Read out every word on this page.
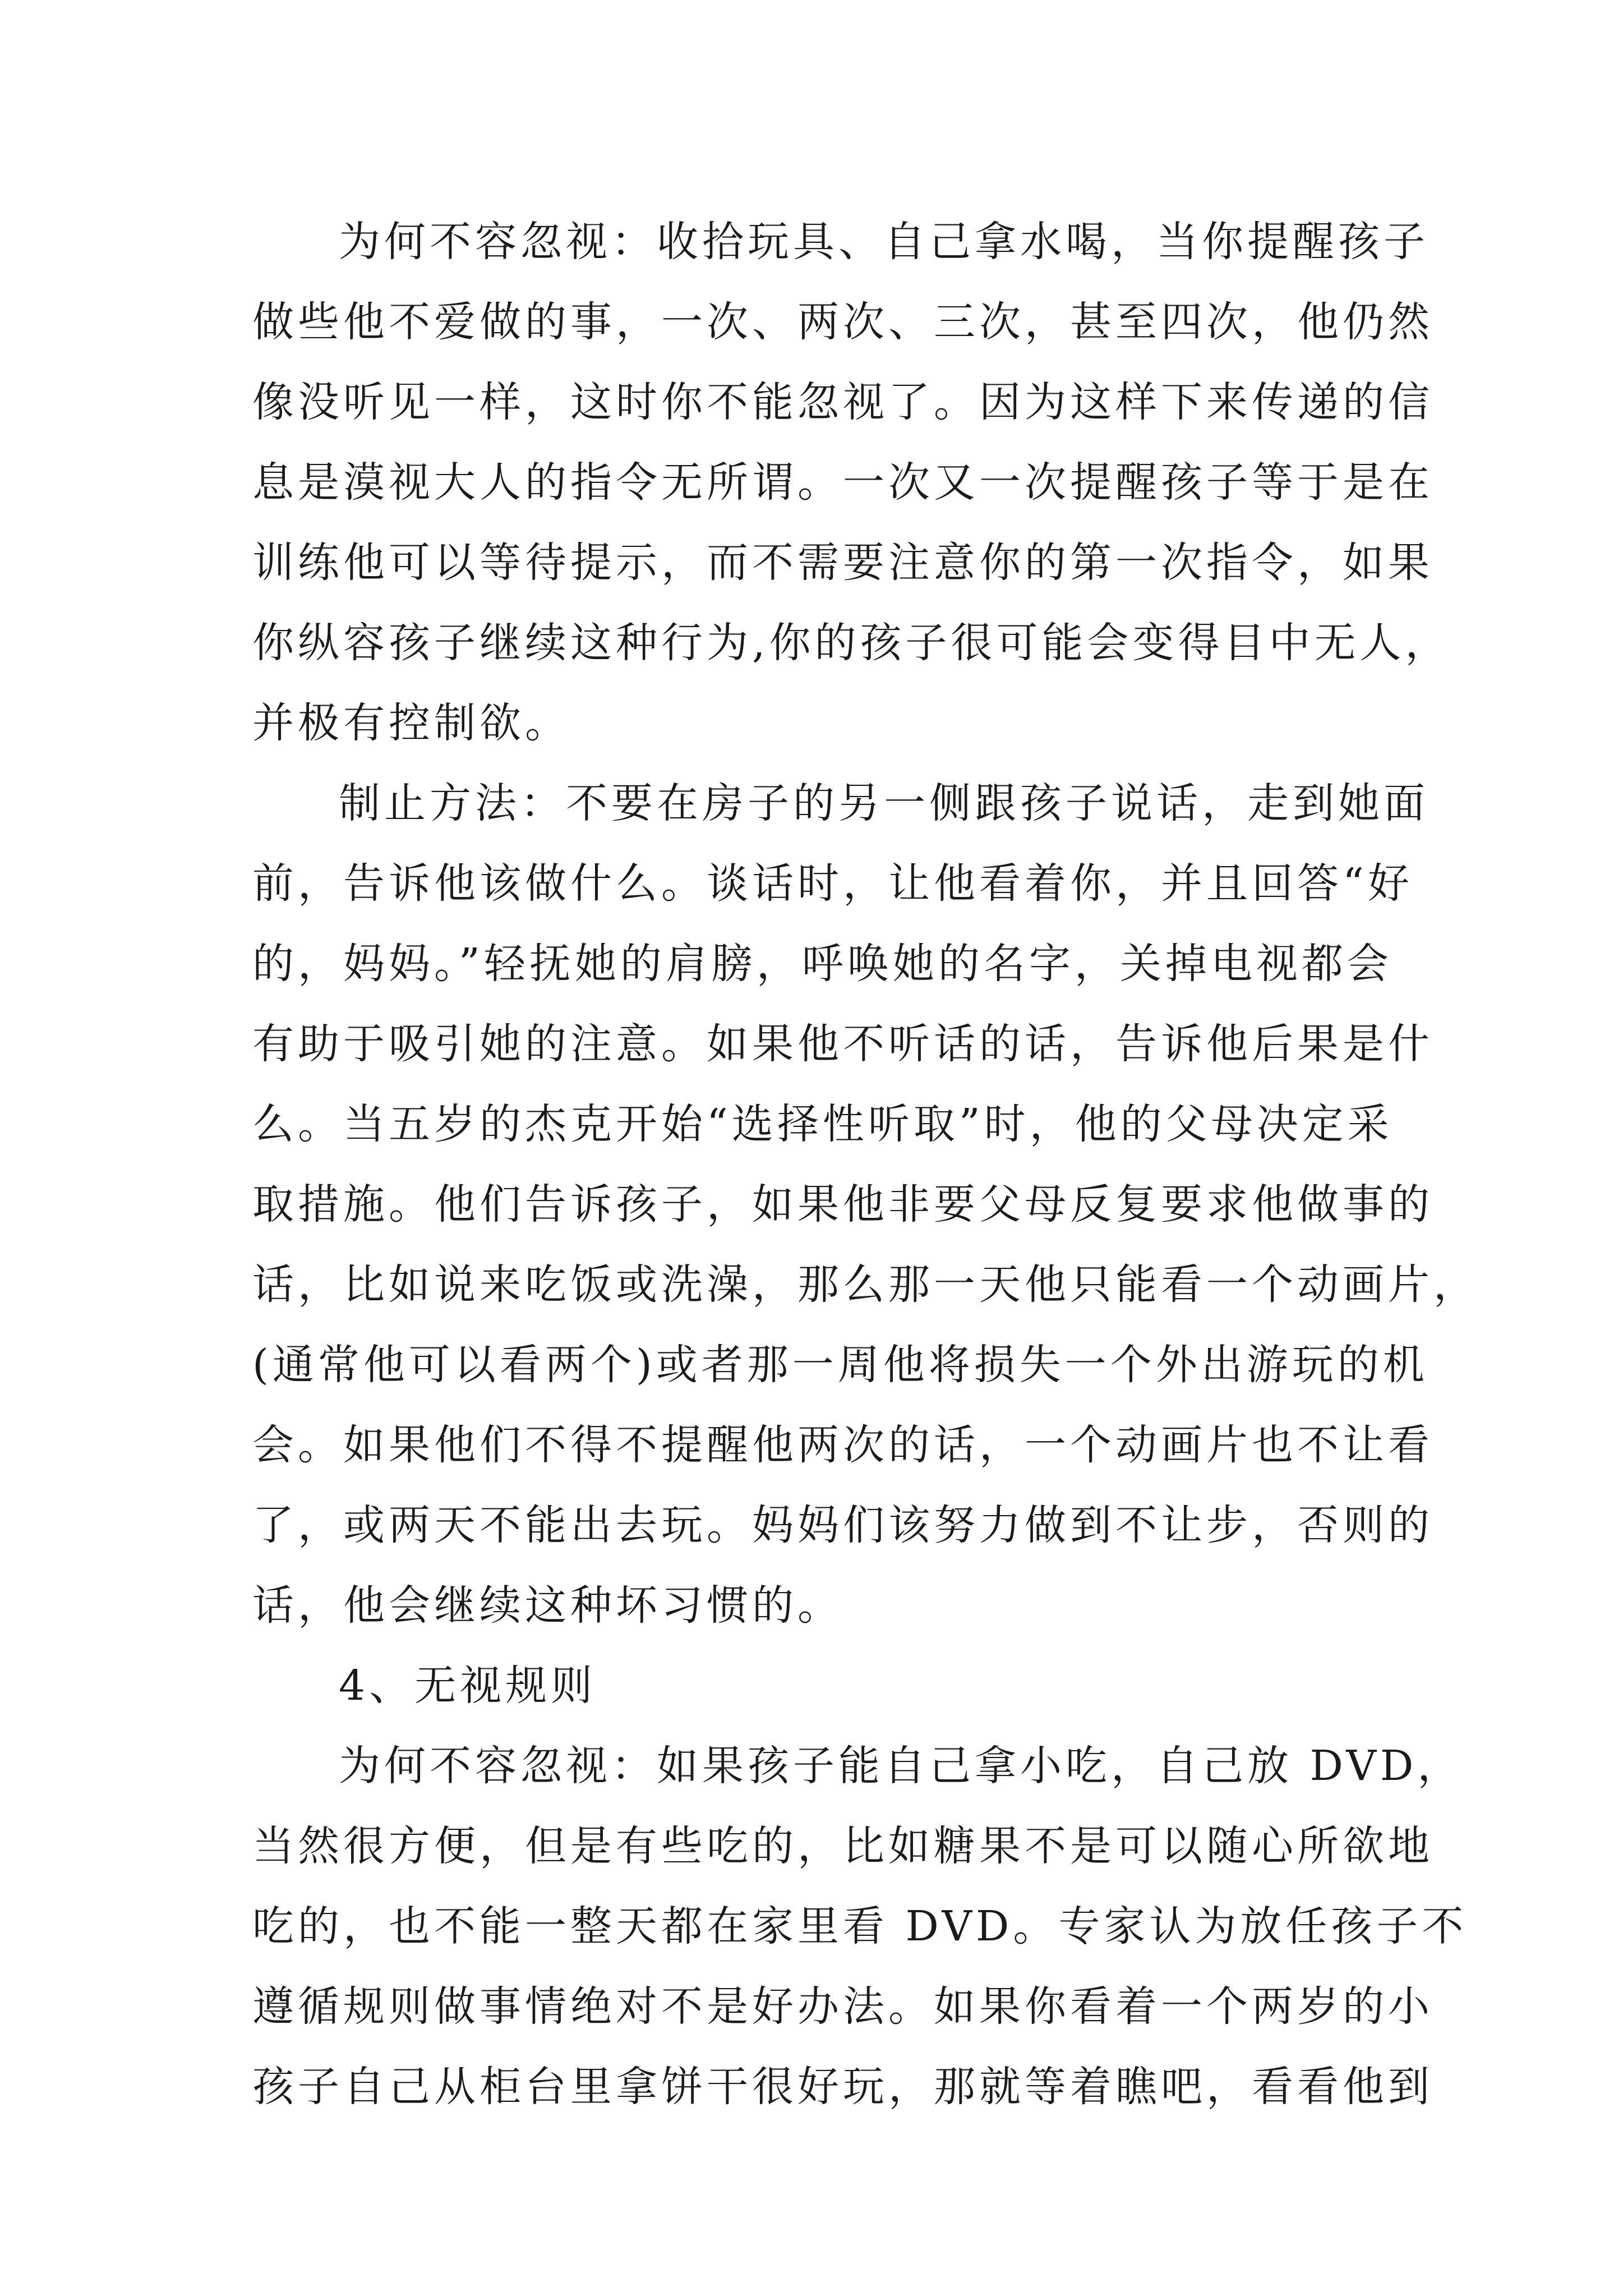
为何不容忽视：收拾玩具、自己拿水喝，当你提醒孩子
做些他不爱做的事，一次、两次、三次，甚至四次，他仍然
像没听见一样，这时你不能忽视了。因为这样下来传递的信
息是漠视大人的指令无所谓。一次又一次提醒孩子等于是在
训练他可以等待提示，而不需要注意你的第一次指令，如果
你纵容孩子继续这种行为,你的孩子很可能会变得目中无人，
并极有控制欲。
制止方法：不要在房子的另一侧跟孩子说话，走到她面
前，告诉他该做什么。谈话时，让他看着你，并且回答“好
的，妈妈。”轻抚她的肩膀，呼唤她的名字，关掉电视都会
有助于吸引她的注意。如果他不听话的话，告诉他后果是什
么。当五岁的杰克开始“选择性听取”时，他的父母决定采
取措施。他们告诉孩子，如果他非要父母反复要求他做事的
话，比如说来吃饭或洗澡，那么那一天他只能看一个动画片，
(通常他可以看两个)或者那一周他将损失一个外出游玩的机
会。如果他们不得不提醒他两次的话，一个动画片也不让看
了，或两天不能出去玩。妈妈们该努力做到不让步，否则的
话，他会继续这种坏习惯的。
4、无视规则
为何不容忽视：如果孩子能自己拿小吃，自己放 DVD，
当然很方便，但是有些吃的，比如糖果不是可以随心所欲地
吃的，也不能一整天都在家里看 DVD。专家认为放任孩子不
遵循规则做事情绝对不是好办法。如果你看着一个两岁的小
孩子自己从柜台里拿饼干很好玩，那就等着瞧吧，看看他到
